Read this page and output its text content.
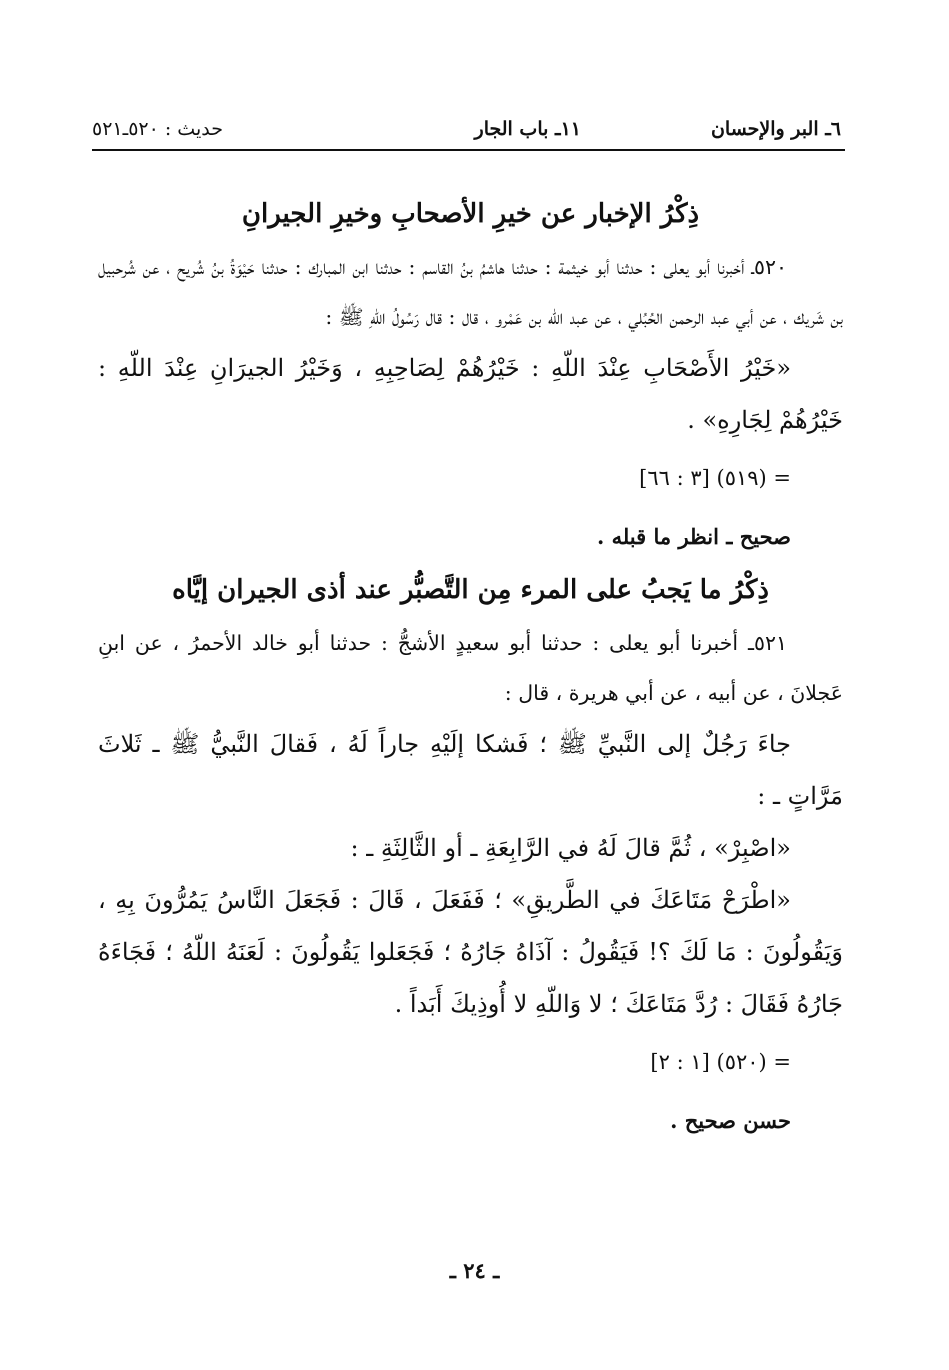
٦ـ البر والإحسان
١١ـ باب الجار
حديث : ٥٢٠ـ٥٢١
ذِكْرُ الإخبار عن خيرِ الأصحابِ وخيرِ الجيرانِ

٥٢٠ـ أخبرنا أبو يعلى : حدثنا أبو خيثمة : حدثنا هاشمُ بنُ القاسم : حدثنا ابن المبارك : حدثنا حَيْوَةُ بنُ شُريح ، عن شُرحبيل بن شَريك ، عن أبي عبد الرحمن الحُبُلي ، عن عبد اللّه بن عَمْرو ، قال : قال رَسُولُ اللّهِ ﷺ :

«خَيْرُ الأَصْحَابِ عِنْدَ اللّهِ : خَيْرُهُمْ لِصَاحِبِهِ ، وَخَيْرُ الجيرَانِ عِنْدَ اللّهِ : خَيْرُهُمْ لِجَارِهِ» .

= (٥١٩) [٣ : ٦٦]
صحيح ـ انظر ما قبله .
ذِكْرُ ما يَجبُ على المرء مِن التَّصبُّر عند أذى الجيران إيَّاه

٥٢١ـ أخبرنا أبو يعلى : حدثنا أبو سعيدٍ الأشجُّ : حدثنا أبو خالد الأحمرُ ، عن ابنِ عَجلانَ ، عن أبيه ، عن أبي هريرة ، قال :

جاءَ رَجُلٌ إلى النَّبيِّ ﷺ ؛ فَشكا إلَيْهِ جاراً لَهُ ، فَقالَ النَّبيُّ ﷺ ـ ثَلاثَ مَرَّاتٍ ـ :

«اصْبِرْ» ، ثُمَّ قالَ لَهُ في الرَّابِعَةِ ـ أو الثَّالِثَةِ ـ :

«اطْرَحْ مَتَاعَكَ في الطَّريقِ» ؛ فَفَعَلَ ، قَالَ : فَجَعَلَ النَّاسُ يَمُرُّونَ بِهِ ، وَيَقُولُونَ : مَا لَكَ ؟! فَيَقُولُ : آذَاهُ جَارُهُ ؛ فَجَعَلوا يَقُولُونَ : لَعَنَهُ اللّهُ ؛ فَجَاءَهُ جَارُهُ فَقَالَ : رُدَّ مَتَاعَكَ ؛ لا وَاللّهِ لا أُوذِيكَ أَبَداً .

= (٥٢٠) [١ : ٢]
حسن صحيح .
ـ ٢٤ ـ
